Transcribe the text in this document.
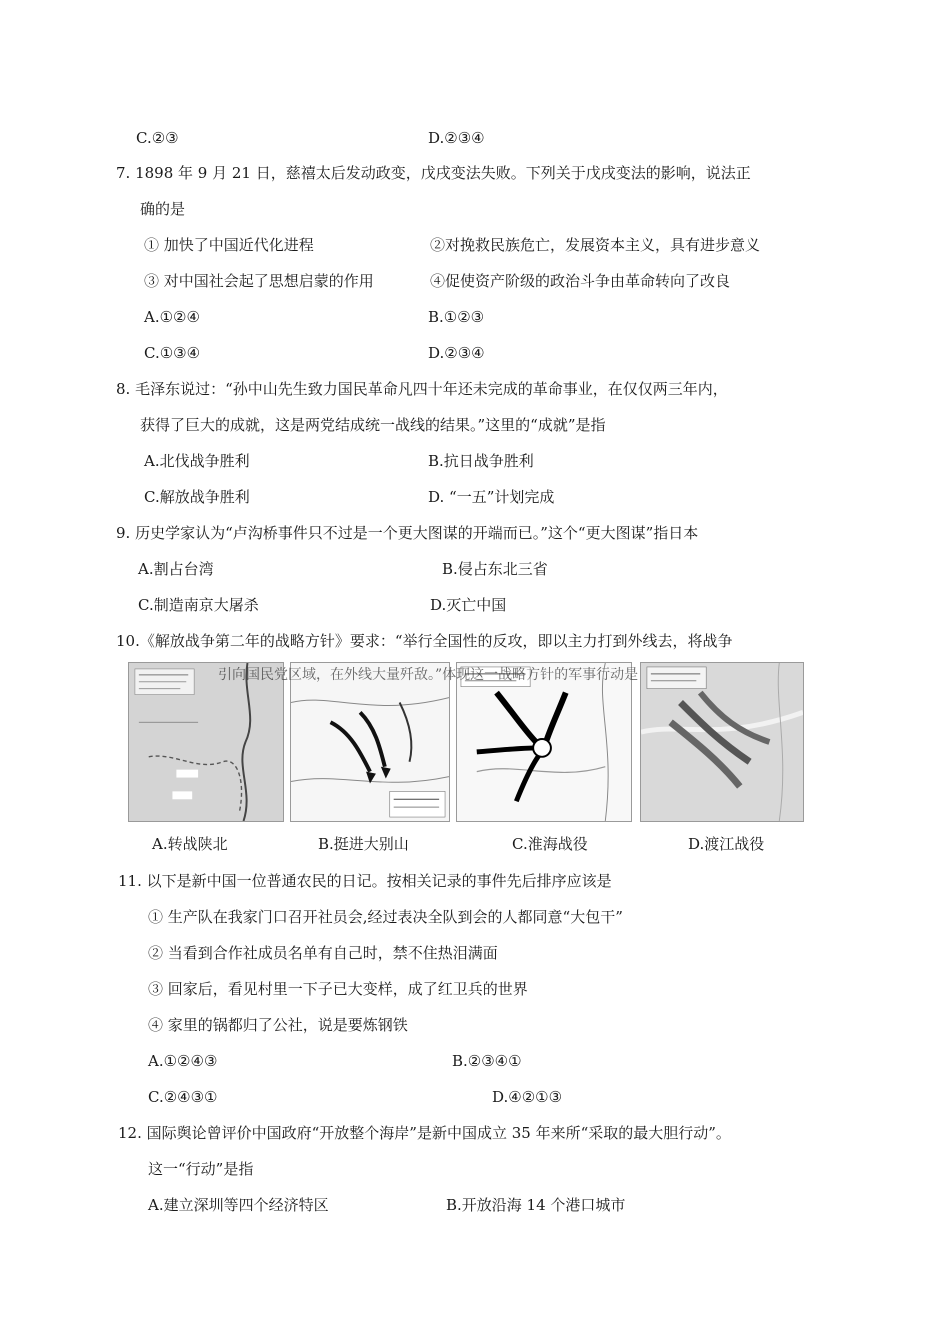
C.②③	D.②③④
7. 1898 年 9 月 21 日，慈禧太后发动政变，戊戌变法失败。下列关于戊戌变法的影响，说法正
确的是
① 加快了中国近代化进程	②对挽救民族危亡，发展资本主义，具有进步意义
③ 对中国社会起了思想启蒙的作用	④促使资产阶级的政治斗争由革命转向了改良
A.①②④	B.①②③
C.①③④	D.②③④
8. 毛泽东说过：“孙中山先生致力国民革命凡四十年还未完成的革命事业，在仅仅两三年内，
获得了巨大的成就，这是两党结成统一战线的结果。”这里的“成就”是指
A.北伐战争胜利	B.抗日战争胜利
C.解放战争胜利	D. “一五”计划完成
9. 历史学家认为“卢沟桥事件只不过是一个更大图谋的开端而已。”这个“更大图谋”指日本
A.割占台湾	B.侵占东北三省
C.制造南京大屠杀	D.灭亡中国
10.《解放战争第二年的战略方针》要求：“举行全国性的反攻，即以主力打到外线去，将战争
引向国民党区域，在外线大量歼敌。”体现这一战略方针的军事行动是
A.转战陕北	B.挺进大别山	C.淮海战役	D.渡江战役
11. 以下是新中国一位普通农民的日记。按相关记录的事件先后排序应该是
① 生产队在我家门口召开社员会,经过表决全队到会的人都同意“大包干”
② 当看到合作社成员名单有自己时，禁不住热泪满面
③ 回家后，看见村里一下子已大变样，成了红卫兵的世界
④ 家里的锅都归了公社，说是要炼钢铁
A.①②④③	B.②③④①
C.②④③①	D.④②①③
12. 国际舆论曾评价中国政府“开放整个海岸”是新中国成立 35 年来所“采取的最大胆行动”。
这一“行动”是指
A.建立深圳等四个经济特区	B.开放沿海 14 个港口城市
